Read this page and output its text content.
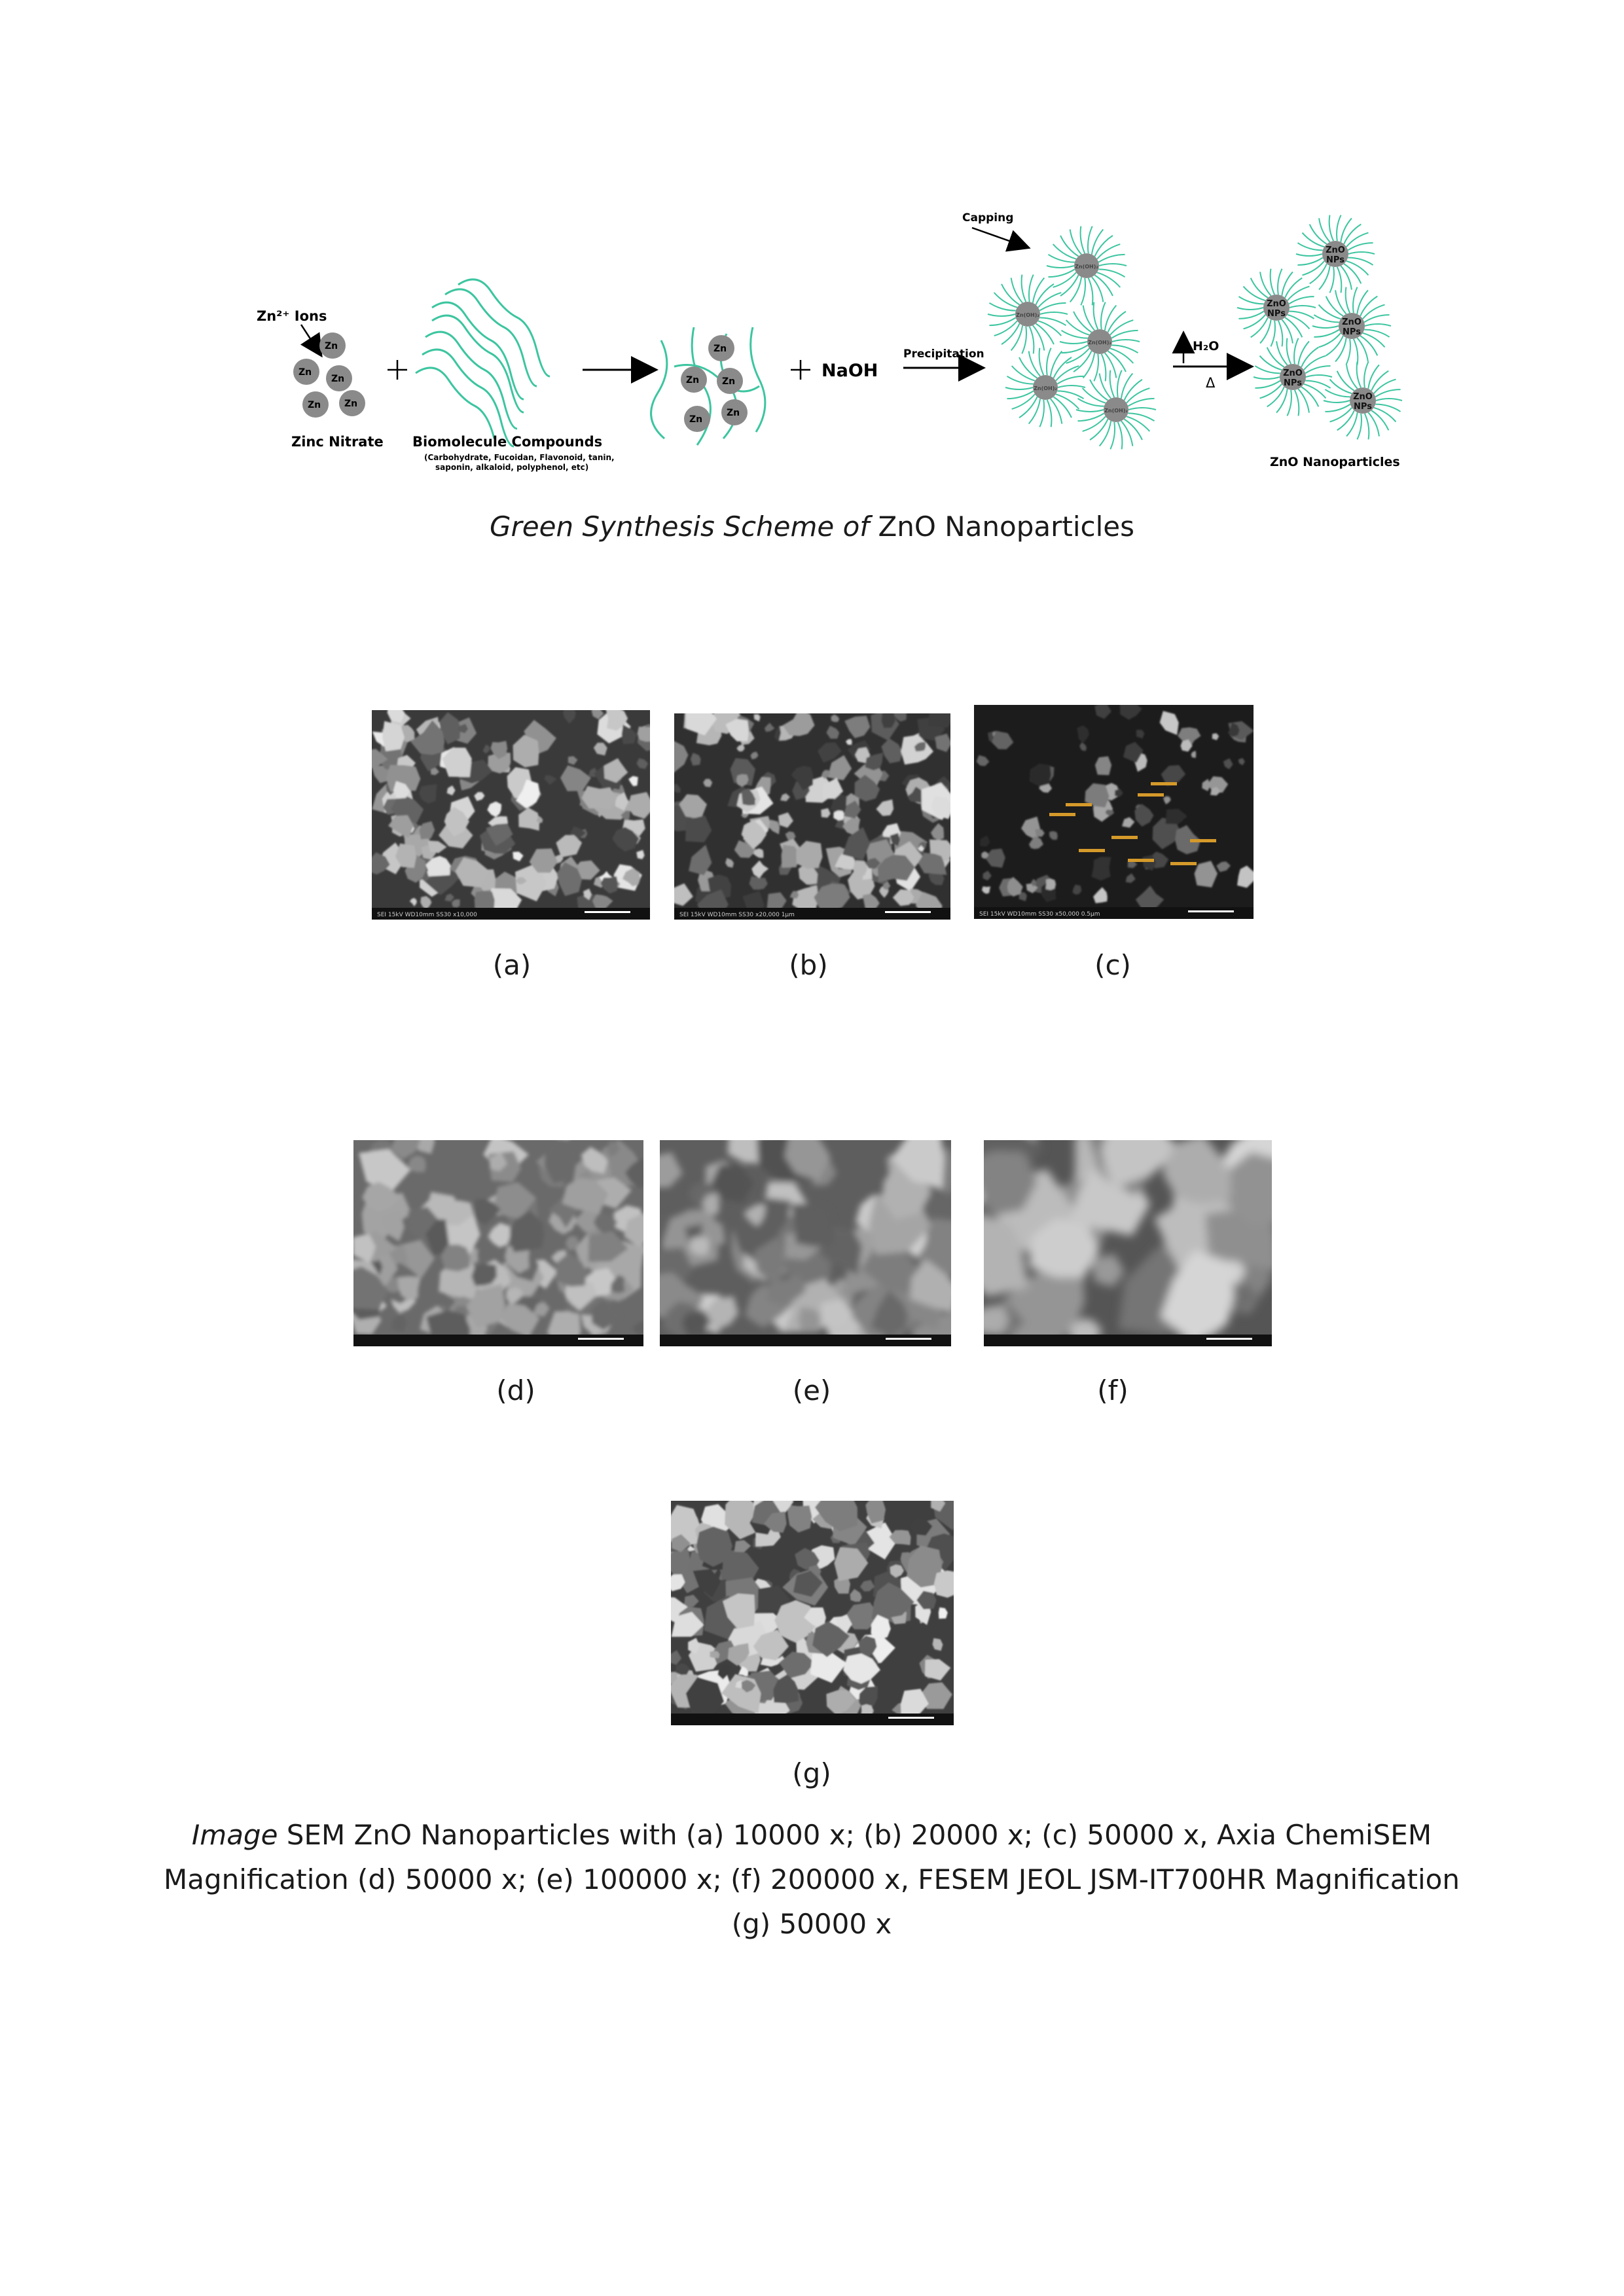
Zn²⁺ Ions
Zn
Zn
Zn
Zn	Zn
Zinc Nitrate Biomolecule Compounds
(Carbohydrate, Fucoidan, Flavonoid, tanin,
saponin, alkaloid, polyphenol, etc)
Zn
Zn Zn
Zn
Zn
NaOH
Precipitation
Capping
Zn(OH)₂
Zn(OH)₂
Zn(OH)₂
Zn(OH)₂
Zn(OH)₂
H₂O
Δ
ZnO
NPs
ZnO
NPs
ZnO
NPs
ZnO
NPs
ZnO
NPs
ZnO Nanoparticles
Green Synthesis Scheme of ZnO Nanoparticles
SEI 15kV WD10mm SS30 x10,000	SEI 15kV WD10mm SS30 x20,000 1μm	SEI 15kV WD10mm SS30 x50,000 0.5μm
(a)	(b)	(c)
(d)	(e)	(f)
(g)
Image SEM ZnO Nanoparticles with (a) 10000 x; (b) 20000 x; (c) 50000 x, Axia ChemiSEM
Magnification (d) 50000 x; (e) 100000 x; (f) 200000 x, FESEM JEOL JSM-IT700HR Magnification
(g) 50000 x
